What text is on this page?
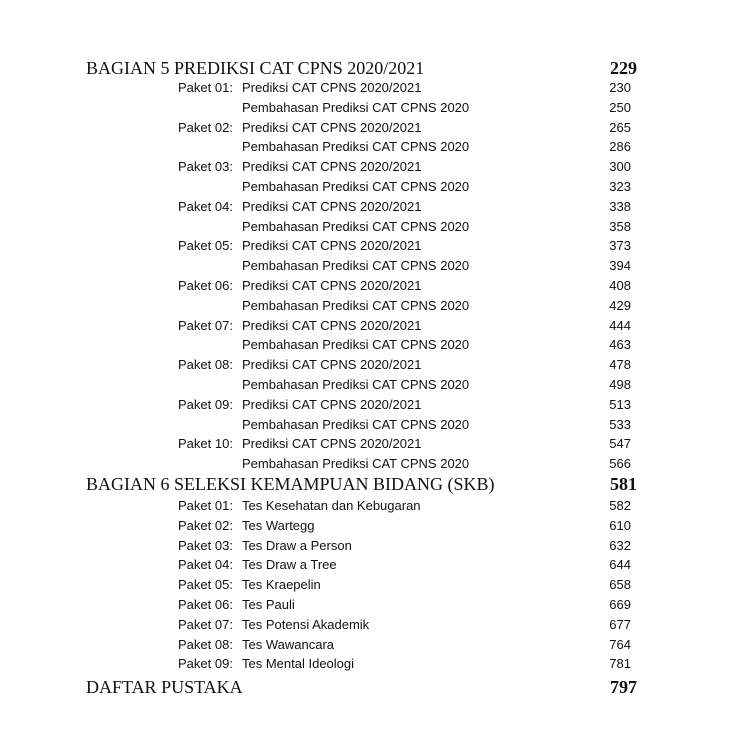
BAGIAN 5 PREDIKSI CAT CPNS 2020/2021	229
Paket 01: Prediksi CAT CPNS 2020/2021	230
Pembahasan Prediksi CAT CPNS 2020	250
Paket 02: Prediksi CAT CPNS 2020/2021	265
Pembahasan Prediksi CAT CPNS 2020	286
Paket 03: Prediksi CAT CPNS 2020/2021	300
Pembahasan Prediksi CAT CPNS 2020	323
Paket 04: Prediksi CAT CPNS 2020/2021	338
Pembahasan Prediksi CAT CPNS 2020	358
Paket 05: Prediksi CAT CPNS 2020/2021	373
Pembahasan Prediksi CAT CPNS 2020	394
Paket 06: Prediksi CAT CPNS 2020/2021	408
Pembahasan Prediksi CAT CPNS 2020	429
Paket 07: Prediksi CAT CPNS 2020/2021	444
Pembahasan Prediksi CAT CPNS 2020	463
Paket 08: Prediksi CAT CPNS 2020/2021	478
Pembahasan Prediksi CAT CPNS 2020	498
Paket 09: Prediksi CAT CPNS 2020/2021	513
Pembahasan Prediksi CAT CPNS 2020	533
Paket 10: Prediksi CAT CPNS 2020/2021	547
Pembahasan Prediksi CAT CPNS 2020	566
BAGIAN 6 SELEKSI KEMAMPUAN BIDANG (SKB)	581
Paket 01: Tes Kesehatan dan Kebugaran	582
Paket 02: Tes Wartegg	610
Paket 03: Tes Draw a Person	632
Paket 04: Tes Draw a Tree	644
Paket 05: Tes Kraepelin	658
Paket 06: Tes Pauli	669
Paket 07: Tes Potensi Akademik	677
Paket 08: Tes Wawancara	764
Paket 09: Tes Mental Ideologi	781
DAFTAR PUSTAKA	797
